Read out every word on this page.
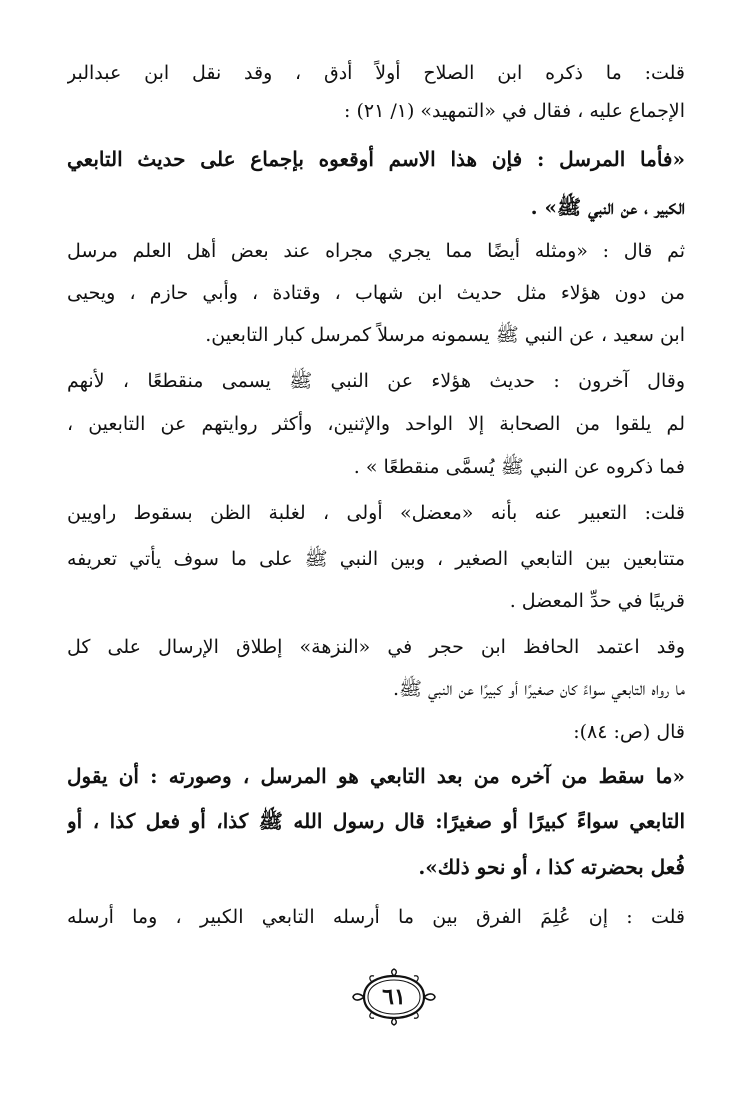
قلت: ما ذكره ابن الصلاح أولاً أدق ، وقد نقل ابن عبدالبر
الإجماع عليه ، فقال في «التمهيد» (١/ ٢١) :
«فأما المرسل : فإن هذا الاسم أوقعوه بإجماع على حديث التابعي
الكبير ، عن النبي ﷺ» .
ثم قال : «ومثله أيضًا مما يجري مجراه عند بعض أهل العلم مرسل
من دون هؤلاء مثل حديث ابن شهاب ، وقتادة ، وأبي حازم ، ويحيى
ابن سعيد ، عن النبي ﷺ يسمونه مرسلاً كمرسل كبار التابعين.
وقال آخرون : حديث هؤلاء عن النبي ﷺ يسمى منقطعًا ، لأنهم
لم يلقوا من الصحابة إلا الواحد والإثنين، وأكثر روايتهم عن التابعين ،
فما ذكروه عن النبي ﷺ يُسمَّى منقطعًا » .
قلت: التعبير عنه بأنه «معضل» أولى ، لغلبة الظن بسقوط راويين
متتابعين بين التابعي الصغير ، وبين النبي ﷺ على ما سوف يأتي تعريفه
قريبًا في حدِّ المعضل .
وقد اعتمد الحافظ ابن حجر في «النزهة» إطلاق الإرسال على كل
ما رواه التابعي سواءً كان صغيرًا أو كبيرًا عن النبي ﷺ.
قال (ص: ٨٤):
«ما سقط من آخره من بعد التابعي هو المرسل ، وصورته : أن يقول
التابعي سواءً كبيرًا أو صغيرًا: قال رسول الله ﷺ كذا، أو فعل كذا ، أو
فُعل بحضرته كذا ، أو نحو ذلك».
قلت : إن عُلِمَ الفرق بين ما أرسله التابعي الكبير ، وما أرسله
٦١
